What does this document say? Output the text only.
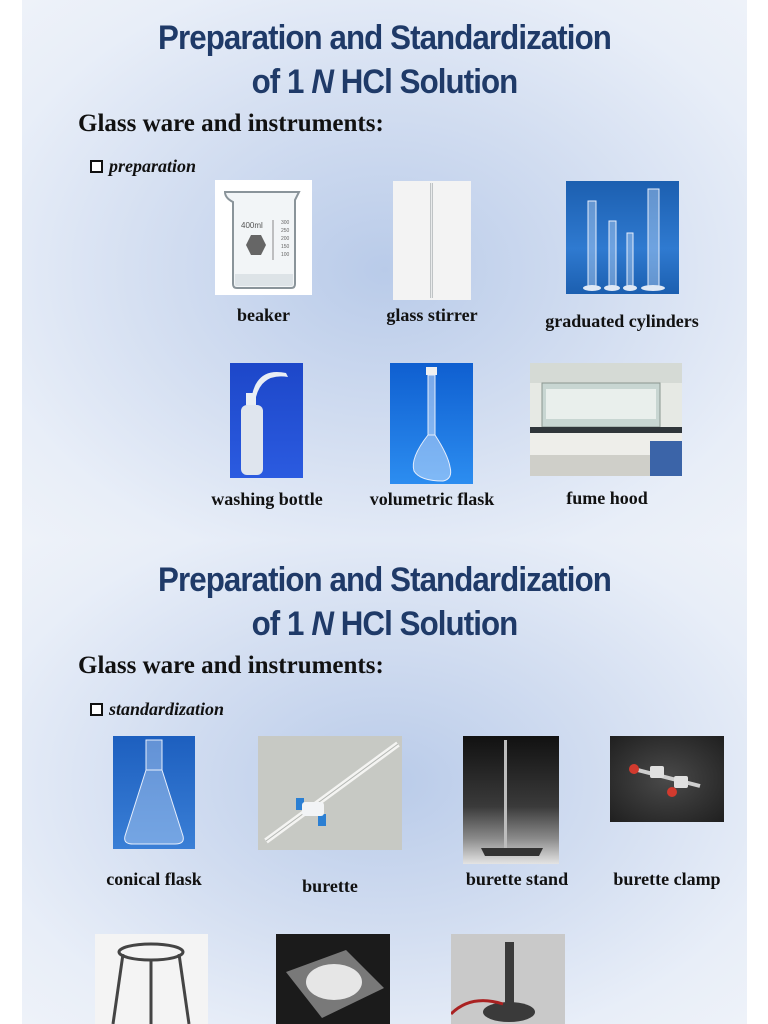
Preparation and Standardization
of 1 N HCl Solution
Glass ware and instruments:
preparation
400ml	300
250
200
150
100
beaker	glass stirrer	graduated cylinders
washing bottle	volumetric flask	fume hood
Preparation and Standardization
of 1 N HCl Solution
Glass ware and instruments:
standardization
conical flask	burette	burette stand	burette clamp
